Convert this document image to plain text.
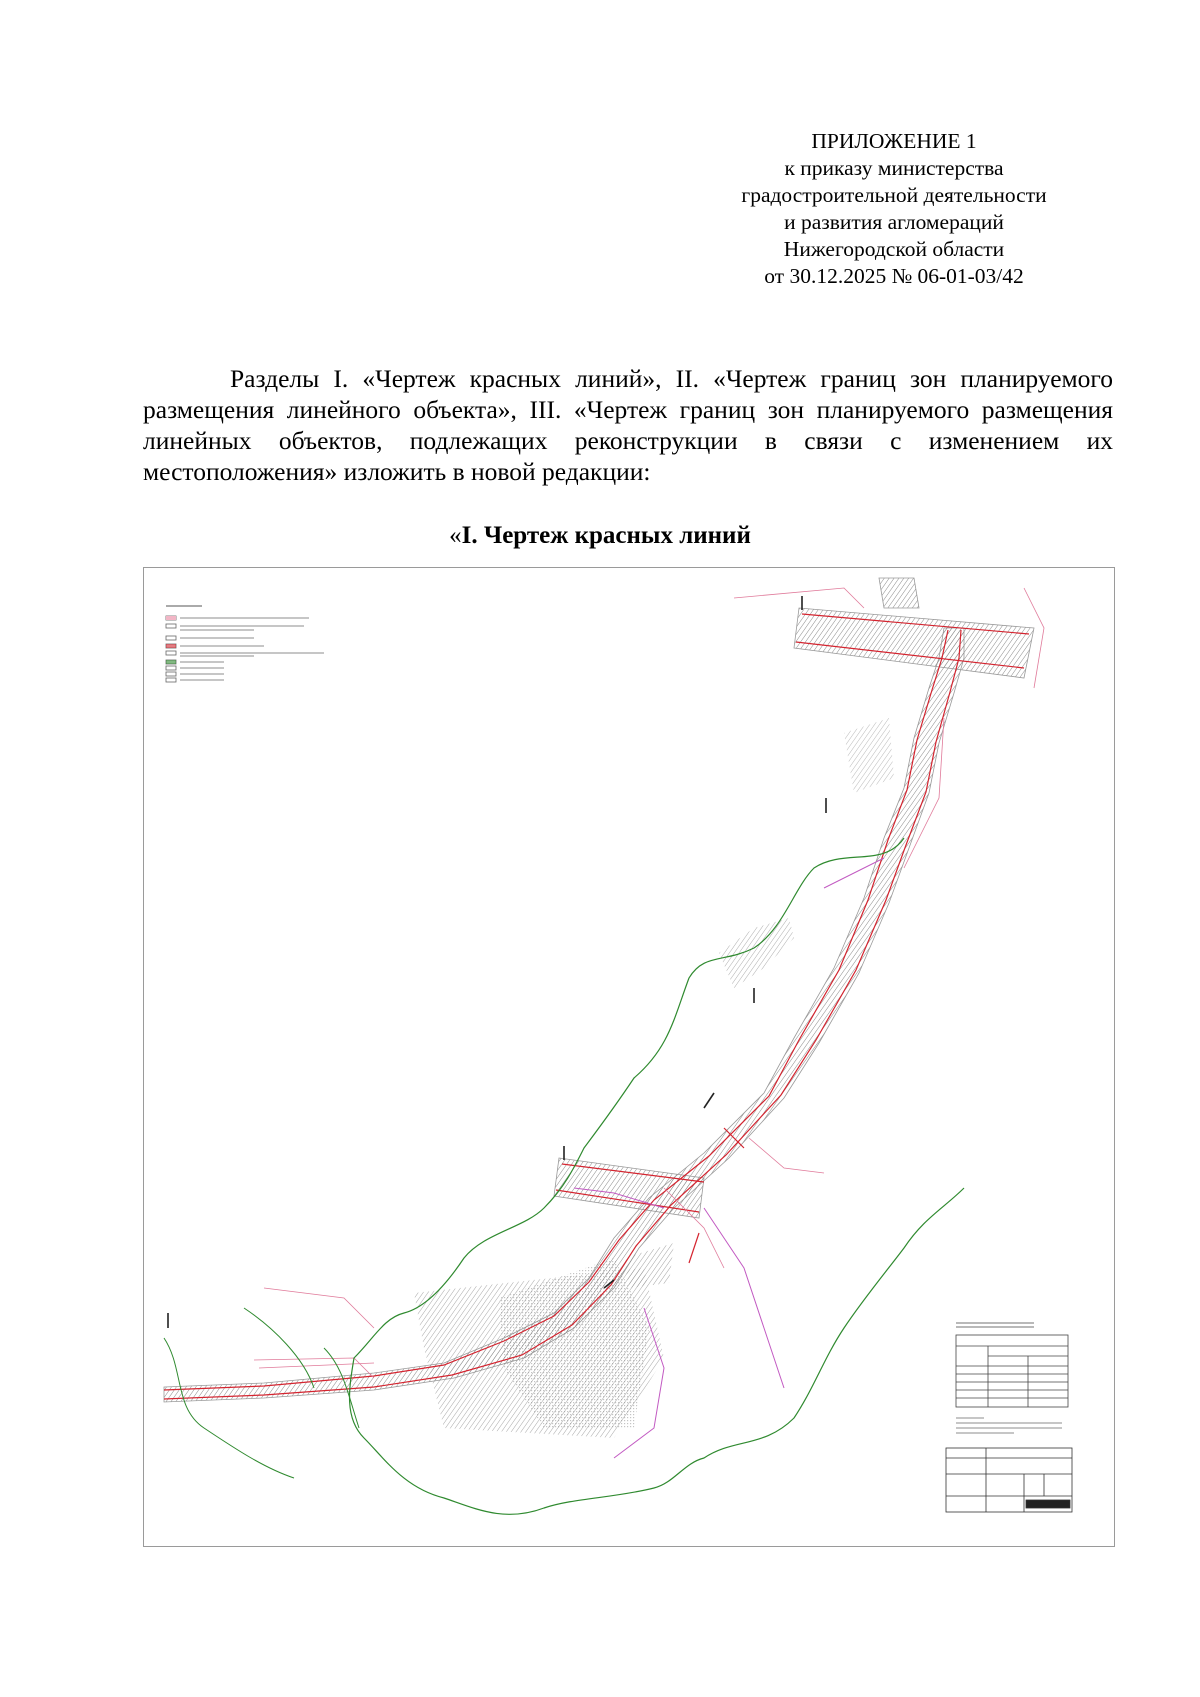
ПРИЛОЖЕНИЕ 1
к приказу министерства
градостроительной деятельности
и развития агломераций
Нижегородской области
от 30.12.2025 № 06-01-03/42

Разделы I. «Чертеж красных линий», II. «Чертеж границ зон планируемого размещения линейного объекта», III. «Чертеж границ зон планируемого размещения линейных объектов, подлежащих реконструкции в связи с изменением их местоположения» изложить в новой редакции:

«I. Чертеж красных линий
